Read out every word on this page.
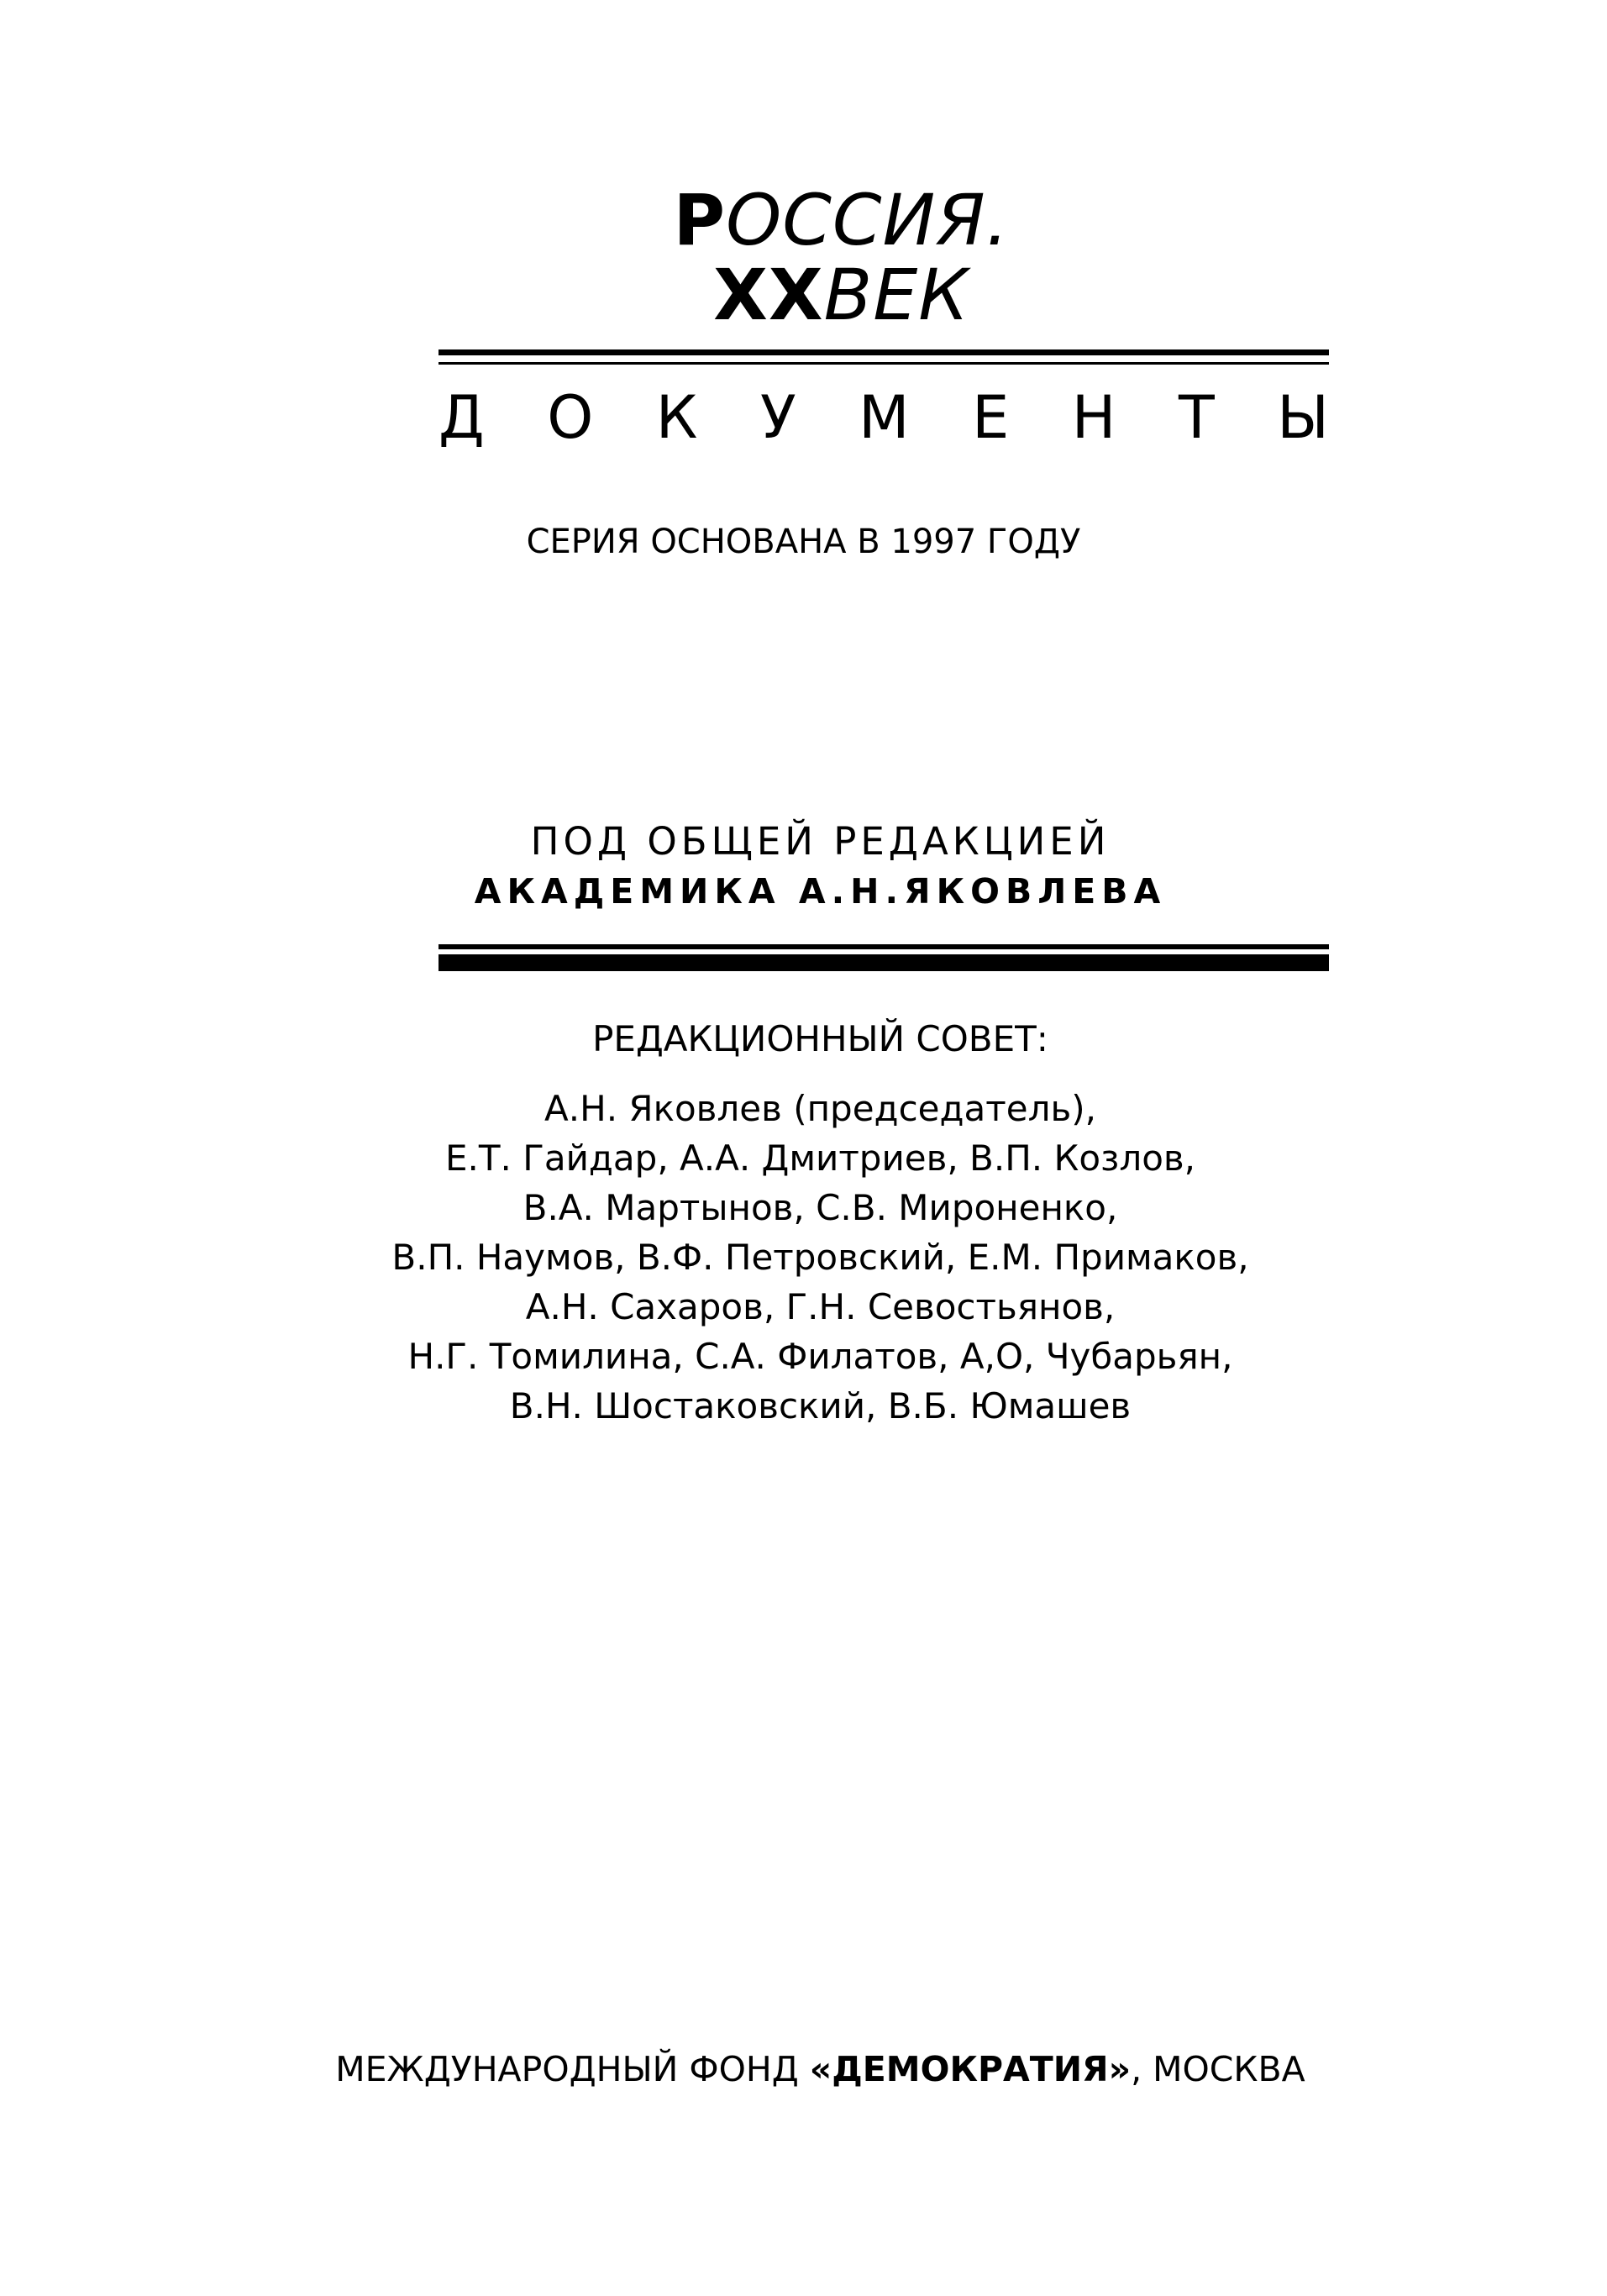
РОССИЯ.
XXВЕК
Д О К У М Е Н Т Ы
СЕРИЯ ОСНОВАНА В 1997 ГОДУ
ПОД ОБЩЕЙ РЕДАКЦИЕЙ
АКАДЕМИКА А.Н.ЯКОВЛЕВА
РЕДАКЦИОННЫЙ СОВЕТ:
А.Н. Яковлев (председатель),
Е.Т. Гайдар, А.А. Дмитриев, В.П. Козлов,
В.А. Мартынов, С.В. Мироненко,
В.П. Наумов, В.Ф. Петровский, Е.М. Примаков,
А.Н. Сахаров, Г.Н. Севостьянов,
Н.Г. Томилина, С.А. Филатов, А,О, Чубарьян,
В.Н. Шостаковский, В.Б. Юмашев
МЕЖДУНАРОДНЫЙ ФОНД «ДЕМОКРАТИЯ», МОСКВА
